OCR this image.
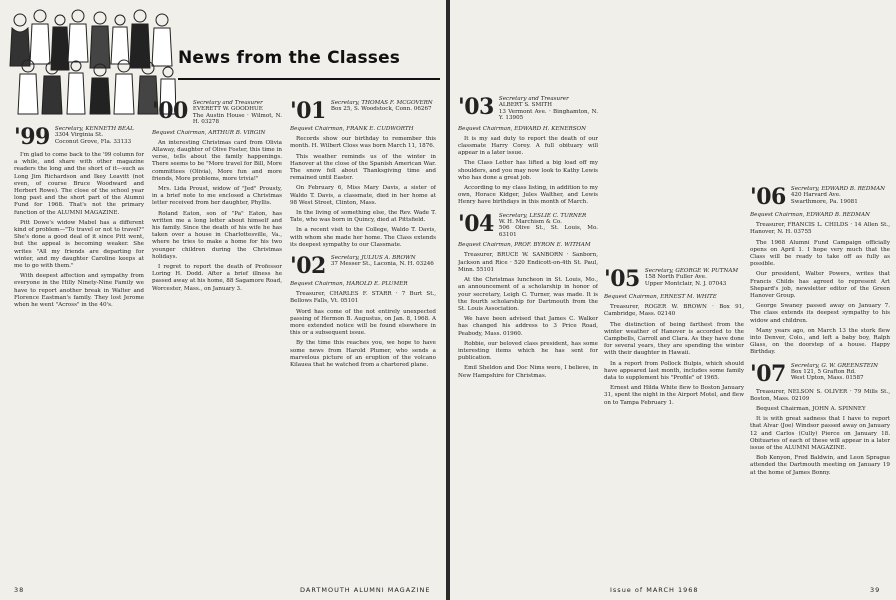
News from the Classes
'99 Secretary, KENNETH BEAL
3304 Virginia St.
Coconut Grove, Fla. 33133

I'm glad to come back to the '99 column for a while, and share with other magazine readers the long and the short of it—such as Long Jim Richardson and Ikey Leavitt (not even, of course Bruce Woodward and Herbert Rowe). The close of the school year long past and the short part of the Alumni Fund for 1968. That's not the primary function of the ALUMNI MAGAZINE.

Pitt Dowe's widow Mabel has a different kind of problem—"To travel or not to travel?" She's done a good deal of it since Pitt went, but the appeal is becoming weaker. She writes "All my friends are departing for winter, and my daughter Caroline keeps at me to go with them."

With deepest affection and sympathy from everyone in the Hilly Ninety-Nine Family we have to report another break in Walter and Florence Eastman's family. They lost Jerome when he went "Across" in the 40's.

'00 Secretary and Treasurer
EVERETT W. GOODHUE
The Austin House · Wilmot, N. H. 03278
Bequest Chairman, ARTHUR B. VIRGIN

An interesting Christmas card from Olivia Allaway, daughter of Olive Foster, this time in verse, tells about the family happenings. There seems to be "More travel for Bill, More committees (Olivia), More fun and more friends, More problems, more trivia!"

Mrs. Lida Proust, widow of "Jed" Prousty, in a brief note to me enclosed a Christmas letter received from her daughter, Phyllis.

Roland Eaton, son of "Pa" Eaton, has written me a long letter about himself and his family. Since the death of his wife he has taken over a house in Charlottesville, Va., where he tries to make a home for his two younger children during the Christmas holidays.

I regret to report the death of Professor Loring H. Dodd. After a brief illness he passed away at his home, 88 Sagamore Road, Worcester, Mass., on January 3.

'01 Secretary, THOMAS F. MCGOVERN
Box 25, S. Woodstock, Conn. 06267
Bequest Chairman, FRANK E. CUDWORTH

Records show our birthday to remember this month. H. Wilbert Closs was born March 11, 1876.

This weather reminds us of the winter in Hanover at the close of the Spanish American War. The snow fell about Thanksgiving time and remained until Easter.

On February 6, Miss Mary Davis, a sister of Waldo T. Davis, a classmate, died in her home at 98 West Street, Clinton, Mass.

In the living of something else, the Rev. Wade T. Tate, who was born in Quincy, died at Pittsfield.

In a recent visit to the College, Waldo T. Davis, with whom she made her home. The Class extends its deepest sympathy to our Classmate.

'02 Secretary, JULIUS A. BROWN
37 Messer St., Laconia, N. H. 03246
Bequest Chairman, HAROLD E. PLUMER

Treasurer, CHARLES F. STARR · 7 Burt St., Bellows Falls, Vt. 05101

Word has come of the not entirely unexpected passing of Hermon B. Augustus, on Jan. 8, 1968. A more extended notice will be found elsewhere in this or a subsequent issue.

By the time this reaches you, we hope to have some news from Harold Plumer, who sends a marvelous picture of an eruption of the volcano Kilauea that he watched from a chartered plane.

38	DARTMOUTH ALUMNI MAGAZINE
'03 Secretary and Treasurer
ALBERT S. SMITH
13 Vermont Ave. · Binghamton, N. Y. 13905
Bequest Chairman, EDWARD H. KENERSON

It is my sad duty to report the death of our classmate Harry Corey. A full obituary will appear in a later issue.

The Class Letter has lifted a big load off my shoulders, and you may now look to Kathy Lewis who has done a great job.

According to my class listing, in addition to my own, Horace Kidger, Jules Walther, and Lewis Henry have birthdays in this month of March.

'04 Secretary, LESLIE C. TURNER
W. H. Marchism & Co.
506 Olive St., St. Louis, Mo. 63101
Bequest Chairman, PROF. BYRON E. WITHAM

Treasurer, BRUCE W. SANBORN · Sanborn, Jackson and Rice · 520 Endicott-on-4th St. Paul, Minn. 55101

At the Christmas luncheon in St. Louis, Mo., an announcement of a scholarship in honor of your secretary, Leigh C. Turner, was made. It is the fourth scholarship for Dartmouth from the St. Louis Association.

We have been advised that James C. Walker has changed his address to 3 Price Road, Peabody, Mass. 01960.

Robbie, our beloved class president, has some interesting items which he has sent for publication.

Emil Sheldon and Doc Nims were, I believe, in New Hampshire for Christmas.

'05 Secretary, GEORGE W. PUTNAM
158 North Fuller Ave.
Upper Montclair, N. J. 07043
Bequest Chairman, ERNEST M. WHITE

Treasurer, ROGER W. BROWN · Box 91, Cambridge, Mass. 02140

The distinction of being farthest from the winter weather of Hanover is accorded to the Campbells, Carroll and Clara. As they have done for several years, they are spending the winter with their daughter in Hawaii.

In a report from Pollock Bulpis, which should have appeared last month, includes some family data to supplement his "Profile" of 1965.

Ernest and Hilda White flew to Boston January 31, spent the night in the Airport Motel, and flew on to Tampa February 1.

'06 Secretary, EDWARD B. REDMAN
420 Harvard Ave.
Swarthmore, Pa. 19081
Bequest Chairman, EDWARD B. REDMAN

Treasurer, FRANCIS L. CHILDS · 14 Allen St., Hanover, N. H. 03755

The 1968 Alumni Fund Campaign officially opens on April 1. I hope very much that the Class will be ready to take off as fully as possible.

Our president, Walter Powers, writes that Francis Childs has agreed to represent Art Shepard's job, newsletter editor of the Green Hanover Group.

George Swaney passed away on January 7. The class extends its deepest sympathy to his widow and children.

Many years ago, on March 13 the stork flew into Denver, Colo., and left a baby boy, Ralph Glass, on the doorstep of a house. Happy Birthday.

'07 Secretary, G. W. GREENSTEIN
Box 121, 5 Grafton Rd.
West Upton, Mass. 01587

Treasurer, NELSON S. OLIVER · 79 Mills St., Boston, Mass. 02109

Bequest Chairman, JOHN A. SPINNEY

It is with great sadness that I have to report that Alvar (Joe) Windsor passed away on January 12 and Carlos (Cully) Pierce on January 18. Obituaries of each of these will appear in a later issue of the ALUMNI MAGAZINE.

Bob Kenyon, Fred Baldwin, and Leon Sprague attended the Dartmouth meeting on January 19 at the home of James Bonny.

Issue of MARCH 1968	39
